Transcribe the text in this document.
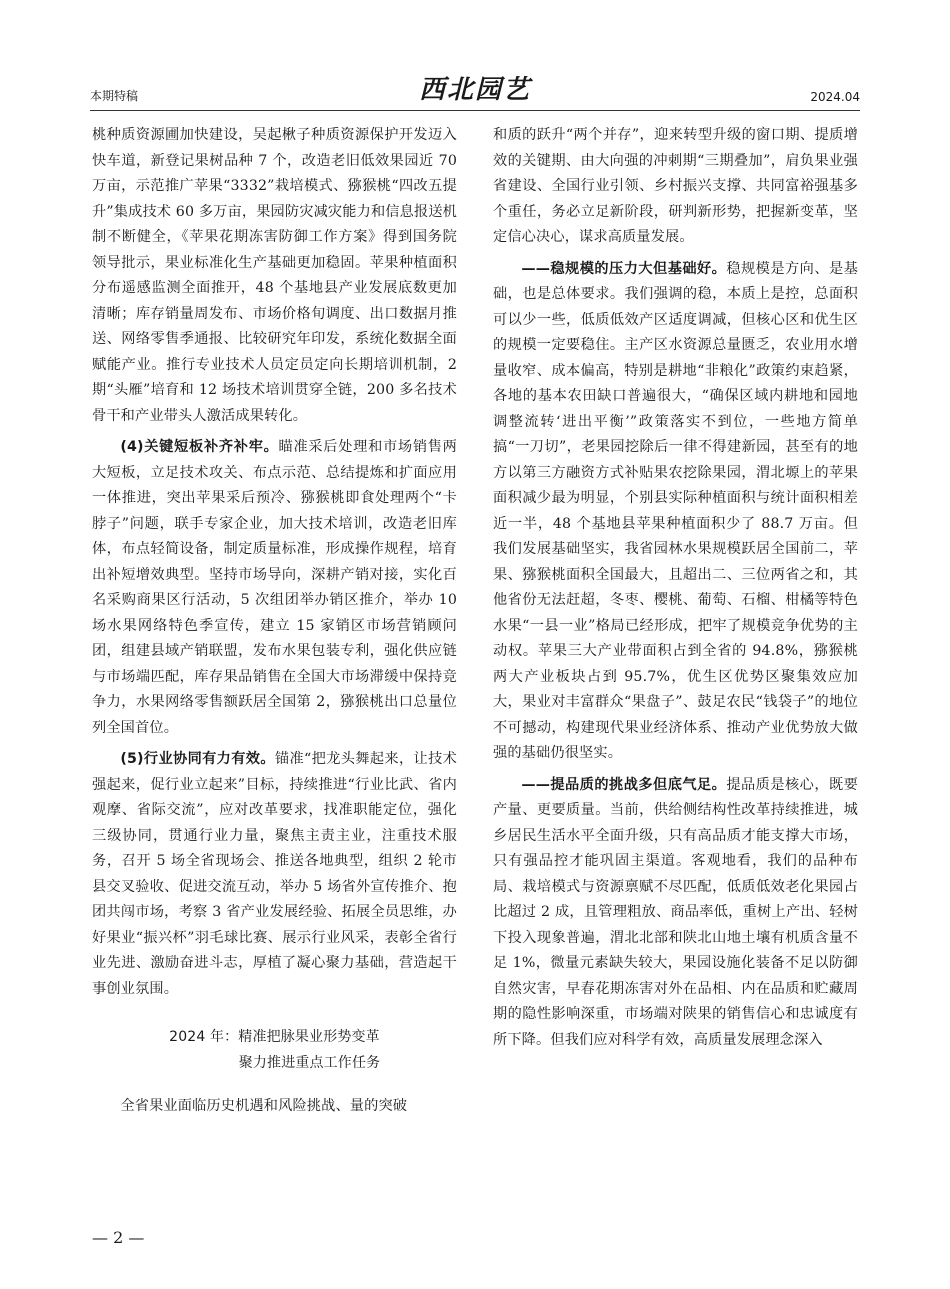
本期特稿	西北园艺	2024.04

桃种质资源圃加快建设，吴起楸子种质资源保护开发迈入快车道，新登记果树品种 7 个，改造老旧低效果园近 70 万亩，示范推广苹果“3332”栽培模式、猕猴桃“四改五提升”集成技术 60 多万亩，果园防灾减灾能力和信息报送机制不断健全，《苹果花期冻害防御工作方案》得到国务院领导批示，果业标准化生产基础更加稳固。苹果种植面积分布遥感监测全面推开，48 个基地县产业发展底数更加清晰；库存销量周发布、市场价格旬调度、出口数据月推送、网络零售季通报、比较研究年印发，系统化数据全面赋能产业。推行专业技术人员定员定向长期培训机制，2 期“头雁”培育和 12 场技术培训贯穿全链，200 多名技术骨干和产业带头人激活成果转化。

(4)关键短板补齐补牢。瞄准采后处理和市场销售两大短板，立足技术攻关、布点示范、总结提炼和扩面应用一体推进，突出苹果采后预冷、猕猴桃即食处理两个“卡脖子”问题，联手专家企业，加大技术培训，改造老旧库体，布点轻简设备，制定质量标准，形成操作规程，培育出补短增效典型。坚持市场导向，深耕产销对接，实化百名采购商果区行活动，5 次组团举办销区推介，举办 10 场水果网络特色季宣传，建立 15 家销区市场营销顾问团，组建县域产销联盟，发布水果包装专利，强化供应链与市场端匹配，库存果品销售在全国大市场滞缓中保持竞争力，水果网络零售额跃居全国第 2，猕猴桃出口总量位列全国首位。

(5)行业协同有力有效。锚准“把龙头舞起来，让技术强起来，促行业立起来”目标，持续推进“行业比武、省内观摩、省际交流”，应对改革要求，找准职能定位，强化三级协同，贯通行业力量，聚焦主责主业，注重技术服务，召开 5 场全省现场会、推送各地典型，组织 2 轮市县交叉验收、促进交流互动，举办 5 场省外宣传推介、抱团共闯市场，考察 3 省产业发展经验、拓展全员思维，办好果业“振兴杯”羽毛球比赛、展示行业风采，表彰全省行业先进、激励奋进斗志，厚植了凝心聚力基础，营造起干事创业氛围。

2024 年：精准把脉果业形势变革
聚力推进重点工作任务

全省果业面临历史机遇和风险挑战、量的突破

和质的跃升“两个并存”，迎来转型升级的窗口期、提质增效的关键期、由大向强的冲刺期“三期叠加”，肩负果业强省建设、全国行业引领、乡村振兴支撑、共同富裕强基多个重任，务必立足新阶段，研判新形势，把握新变革，坚定信心决心，谋求高质量发展。

——稳规模的压力大但基础好。稳规模是方向、是基础，也是总体要求。我们强调的稳，本质上是控，总面积可以少一些，低质低效产区适度调减，但核心区和优生区的规模一定要稳住。主产区水资源总量匮乏，农业用水增量收窄、成本偏高，特别是耕地“非粮化”政策约束趋紧，各地的基本农田缺口普遍很大，“确保区域内耕地和园地调整流转‘进出平衡’”政策落实不到位，一些地方简单搞“一刀切”，老果园挖除后一律不得建新园，甚至有的地方以第三方融资方式补贴果农挖除果园，渭北塬上的苹果面积减少最为明显，个别县实际种植面积与统计面积相差近一半，48 个基地县苹果种植面积少了 88.7 万亩。但我们发展基础坚实，我省园林水果规模跃居全国前二，苹果、猕猴桃面积全国最大，且超出二、三位两省之和，其他省份无法赶超，冬枣、樱桃、葡萄、石榴、柑橘等特色水果“一县一业”格局已经形成，把牢了规模竞争优势的主动权。苹果三大产业带面积占到全省的 94.8%，猕猴桃两大产业板块占到 95.7%，优生区优势区聚集效应加大，果业对丰富群众“果盘子”、鼓足农民“钱袋子”的地位不可撼动，构建现代果业经济体系、推动产业优势放大做强的基础仍很坚实。

——提品质的挑战多但底气足。提品质是核心，既要产量、更要质量。当前，供给侧结构性改革持续推进，城乡居民生活水平全面升级，只有高品质才能支撑大市场，只有强品控才能巩固主渠道。客观地看，我们的品种布局、栽培模式与资源禀赋不尽匹配，低质低效老化果园占比超过 2 成，且管理粗放、商品率低，重树上产出、轻树下投入现象普遍，渭北北部和陕北山地土壤有机质含量不足 1%，微量元素缺失较大，果园设施化装备不足以防御自然灾害，早春花期冻害对外在品相、内在品质和贮藏周期的隐性影响深重，市场端对陕果的销售信心和忠诚度有所下降。但我们应对科学有效，高质量发展理念深入

— 2 —
